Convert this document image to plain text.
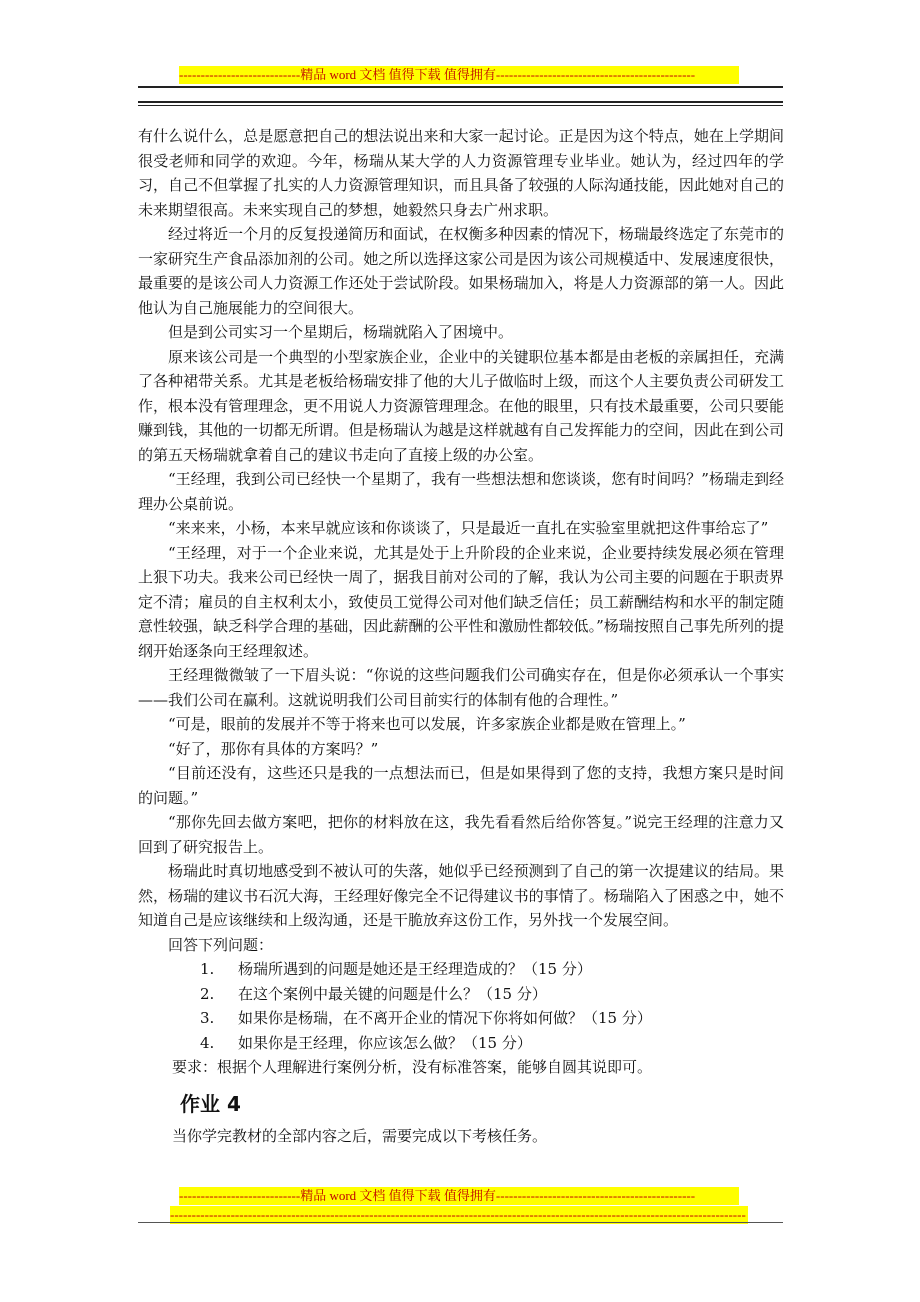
----------------------------精品 word 文档 值得下载 值得拥有----------------------------------------------

有什么说什么，总是愿意把自己的想法说出来和大家一起讨论。正是因为这个特点，她在上学期间很受老师和同学的欢迎。今年，杨瑞从某大学的人力资源管理专业毕业。她认为，经过四年的学习，自己不但掌握了扎实的人力资源管理知识，而且具备了较强的人际沟通技能，因此她对自己的未来期望很高。未来实现自己的梦想，她毅然只身去广州求职。

经过将近一个月的反复投递简历和面试，在权衡多种因素的情况下，杨瑞最终选定了东莞市的一家研究生产食品添加剂的公司。她之所以选择这家公司是因为该公司规模适中、发展速度很快，最重要的是该公司人力资源工作还处于尝试阶段。如果杨瑞加入，将是人力资源部的第一人。因此他认为自己施展能力的空间很大。

但是到公司实习一个星期后，杨瑞就陷入了困境中。

原来该公司是一个典型的小型家族企业，企业中的关键职位基本都是由老板的亲属担任，充满了各种裙带关系。尤其是老板给杨瑞安排了他的大儿子做临时上级，而这个人主要负责公司研发工作，根本没有管理理念，更不用说人力资源管理理念。在他的眼里，只有技术最重要，公司只要能赚到钱，其他的一切都无所谓。但是杨瑞认为越是这样就越有自己发挥能力的空间，因此在到公司的第五天杨瑞就拿着自己的建议书走向了直接上级的办公室。

“王经理，我到公司已经快一个星期了，我有一些想法想和您谈谈，您有时间吗？”杨瑞走到经理办公桌前说。

“来来来，小杨，本来早就应该和你谈谈了，只是最近一直扎在实验室里就把这件事给忘了”

“王经理，对于一个企业来说，尤其是处于上升阶段的企业来说，企业要持续发展必须在管理上狠下功夫。我来公司已经快一周了，据我目前对公司的了解，我认为公司主要的问题在于职责界定不清；雇员的自主权利太小，致使员工觉得公司对他们缺乏信任；员工薪酬结构和水平的制定随意性较强，缺乏科学合理的基础，因此薪酬的公平性和激励性都较低。”杨瑞按照自己事先所列的提纲开始逐条向王经理叙述。

王经理微微皱了一下眉头说：“你说的这些问题我们公司确实存在，但是你必须承认一个事实——我们公司在赢利。这就说明我们公司目前实行的体制有他的合理性。”

“可是，眼前的发展并不等于将来也可以发展，许多家族企业都是败在管理上。”

“好了，那你有具体的方案吗？”

“目前还没有，这些还只是我的一点想法而已，但是如果得到了您的支持，我想方案只是时间的问题。”

“那你先回去做方案吧，把你的材料放在这，我先看看然后给你答复。”说完王经理的注意力又回到了研究报告上。

杨瑞此时真切地感受到不被认可的失落，她似乎已经预测到了自己的第一次提建议的结局。果然，杨瑞的建议书石沉大海，王经理好像完全不记得建议书的事情了。杨瑞陷入了困惑之中，她不知道自己是应该继续和上级沟通，还是干脆放弃这份工作，另外找一个发展空间。

回答下列问题：

1. 杨瑞所遇到的问题是她还是王经理造成的？（15 分）
2. 在这个案例中最关键的问题是什么？（15 分）
3. 如果你是杨瑞，在不离开企业的情况下你将如何做？（15 分）
4. 如果你是王经理，你应该怎么做？（15 分）

要求：根据个人理解进行案例分析，没有标准答案，能够自圆其说即可。

作业 4

当你学完教材的全部内容之后，需要完成以下考核任务。

----------------------------精品 word 文档 值得下载 值得拥有----------------------------------------------
-------------------------------------------------------------------------------------------------------------------------------------
